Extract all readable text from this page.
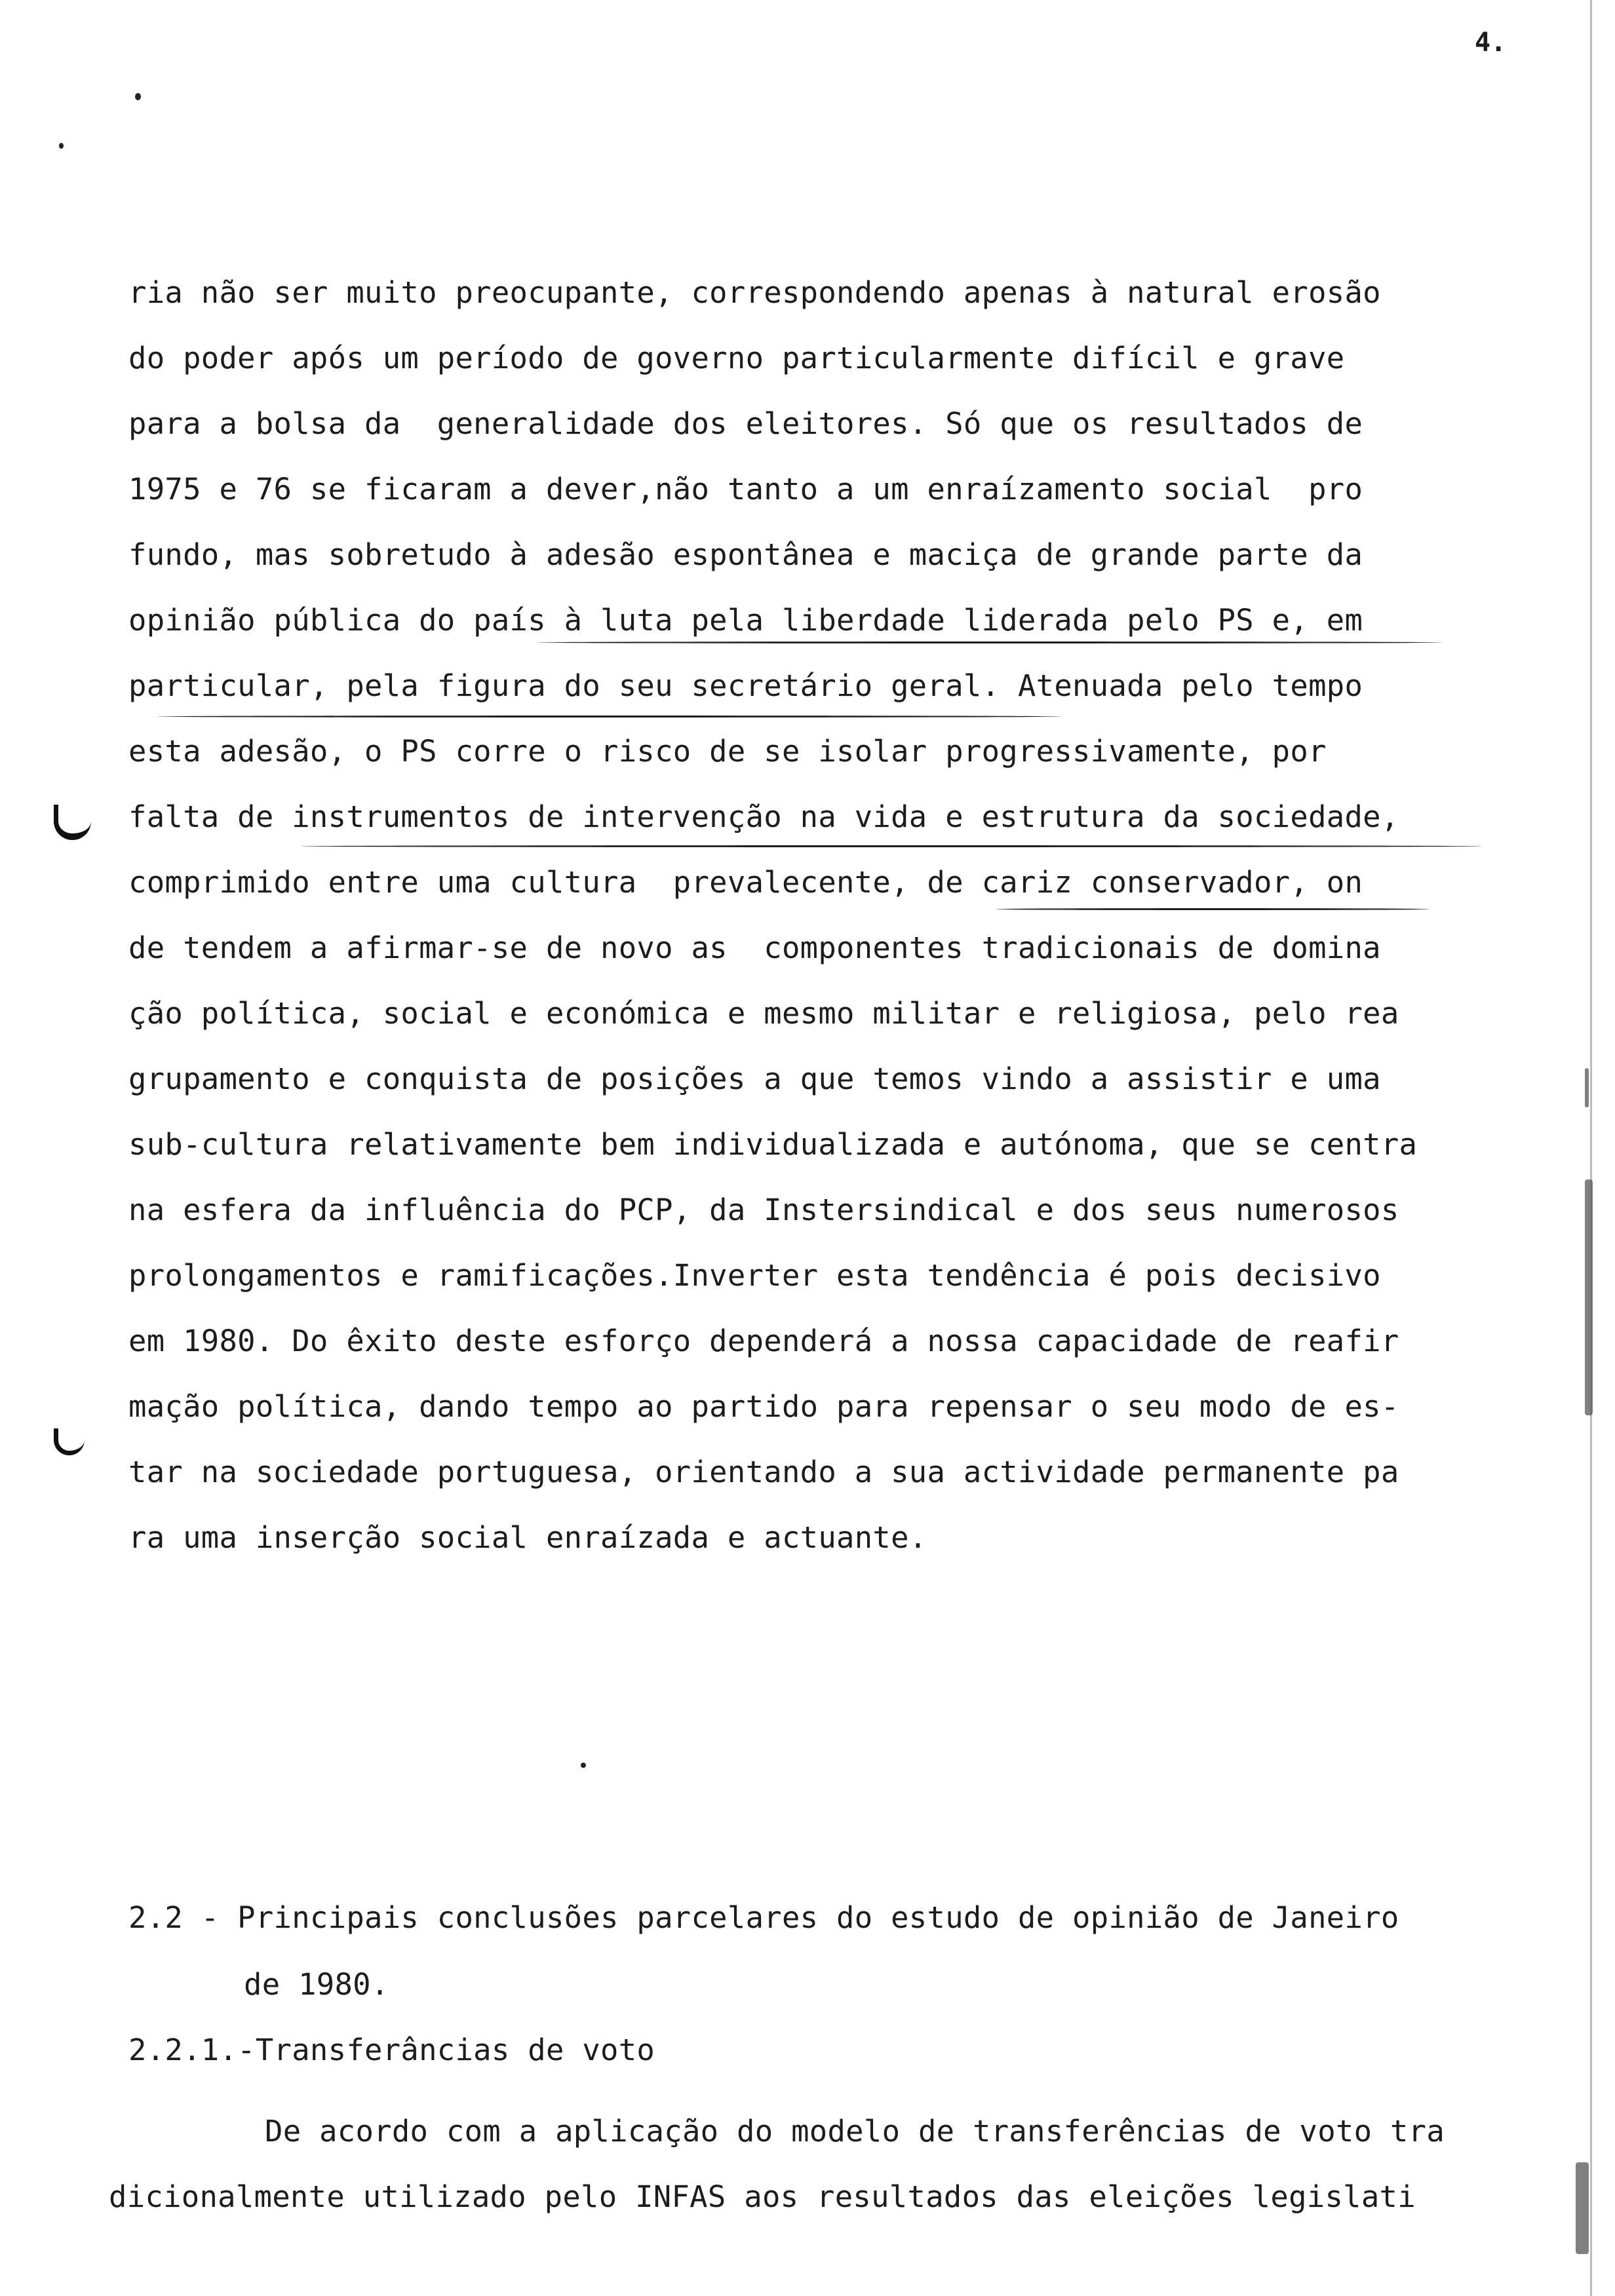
4.
ria não ser muito preocupante, correspondendo apenas à natural erosão
do poder após um período de governo particularmente difícil e grave
para a bolsa da  generalidade dos eleitores. Só que os resultados de
1975 e 76 se ficaram a dever,não tanto a um enraízamento social  pro
fundo, mas sobretudo à adesão espontânea e maciça de grande parte da
opinião pública do país à luta pela liberdade liderada pelo PS e, em
particular, pela figura do seu secretário geral. Atenuada pelo tempo
esta adesão, o PS corre o risco de se isolar progressivamente, por
falta de instrumentos de intervenção na vida e estrutura da sociedade,
comprimido entre uma cultura  prevalecente, de cariz conservador, on
de tendem a afirmar-se de novo as  componentes tradicionais de domina
ção política, social e económica e mesmo militar e religiosa, pelo rea
grupamento e conquista de posições a que temos vindo a assistir e uma
sub-cultura relativamente bem individualizada e autónoma, que se centra
na esfera da influência do PCP, da Instersindical e dos seus numerosos
prolongamentos e ramificações.Inverter esta tendência é pois decisivo
em 1980. Do êxito deste esforço dependerá a nossa capacidade de reafir
mação política, dando tempo ao partido para repensar o seu modo de es-
tar na sociedade portuguesa, orientando a sua actividade permanente pa
ra uma inserção social enraízada e actuante.
2.2 - Principais conclusões parcelares do estudo de opinião de Janeiro
de 1980.
2.2.1.-Transferâncias de voto
De acordo com a aplicação do modelo de transferências de voto tra
dicionalmente utilizado pelo INFAS aos resultados das eleições legislati
